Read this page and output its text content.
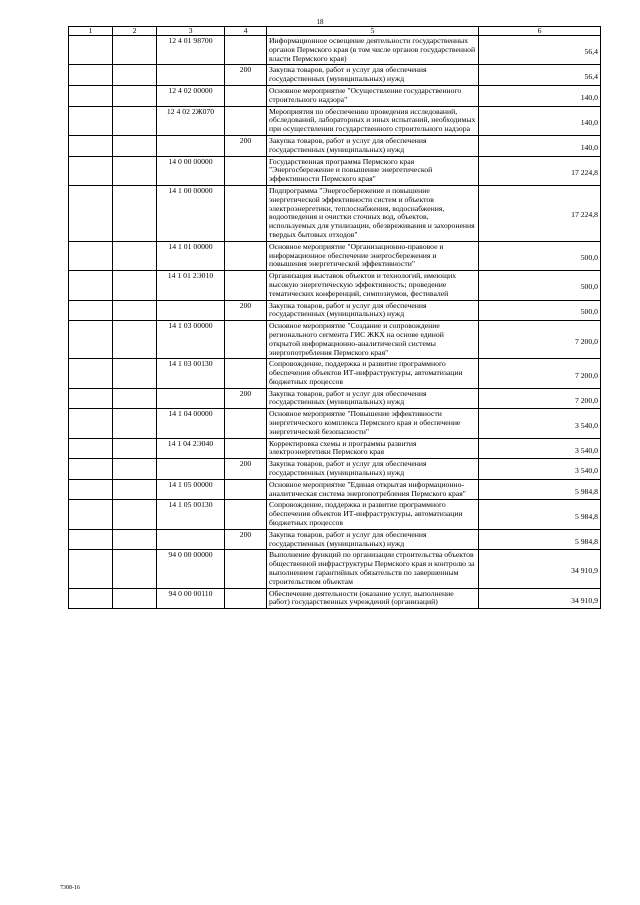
18
1	2	3	4	5	6
		12 4 01 98700		Информационное освещение деятельности государственных органов Пермского края (в том числе органов государственной власти Пермского края)	56,4
			200	Закупка товаров, работ и услуг для обеспечения государственных (муниципальных) нужд	56,4
		12 4 02 00000		Основное мероприятие "Осуществление государственного строительного надзора"	140,0
		12 4 02 2Ж070		Мероприятия по обеспечению проведения исследований, обследований, лабораторных и иных испытаний, необходимых при осуществлении государственного строительного надзора	140,0
			200	Закупка товаров, работ и услуг для обеспечения государственных (муниципальных) нужд	140,0
		14 0 00 00000		Государственная программа Пермского края "Энергосбережение и повышение энергетической эффективности Пермского края"	17 224,8
		14 1 00 00000		Подпрограмма "Энергосбережение и повышение энергетической эффективности систем и объектов электроэнергетики, теплоснабжения, водоснабжения, водоотведения и очистки сточных вод, объектов, используемых для утилизации, обезвреживания и захоронения твердых бытовых отходов"	17 224,8
		14 1 01 00000		Основное мероприятие "Организационно-правовое и информационное обеспечение энергосбережения и повышения энергетической эффективности"	500,0
		14 1 01 2Э010		Организация выставок объектов и технологий, имеющих высокую энергетическую эффективность; проведение тематических конференций, симпозиумов, фестивалей	500,0
			200	Закупка товаров, работ и услуг для обеспечения государственных (муниципальных) нужд	500,0
		14 1 03 00000		Основное мероприятие "Создание и сопровождение регионального сегмента ГИС ЖКХ на основе единой открытой информационно-аналитической системы энергопотребления Пермского края"	7 200,0
		14 1 03 00130		Сопровождение, поддержка и развитие программного обеспечения объектов ИТ-инфраструктуры, автоматизации бюджетных процессов	7 200,0
			200	Закупка товаров, работ и услуг для обеспечения государственных (муниципальных) нужд	7 200,0
		14 1 04 00000		Основное мероприятие "Повышение эффективности энергетического комплекса Пермского края и обеспечение энергетической безопасности"	3 540,0
		14 1 04 2Э040		Корректировка схемы и программы развития электроэнергетики Пермского края	3 540,0
			200	Закупка товаров, работ и услуг для обеспечения государственных (муниципальных) нужд	3 540,0
		14 1 05 00000		Основное мероприятие "Единая открытая информационно-аналитическая система энергопотребления Пермского края"	5 984,8
		14 1 05 00130		Сопровождение, поддержка и развитие программного обеспечения объектов ИТ-инфраструктуры, автоматизации бюджетных процессов	5 984,8
			200	Закупка товаров, работ и услуг для обеспечения государственных (муниципальных) нужд	5 984,8
		94 0 00 00000		Выполнение функций по организации строительства объектов общественной инфраструктуры Пермского края и контролю за выполнением гарантийных обязательств по завершенным строительством объектам	34 910,9
		94 0 00 00110		Обеспечение деятельности (оказание услуг, выполнение работ) государственных учреждений (организаций)	34 910,9
7308-16
